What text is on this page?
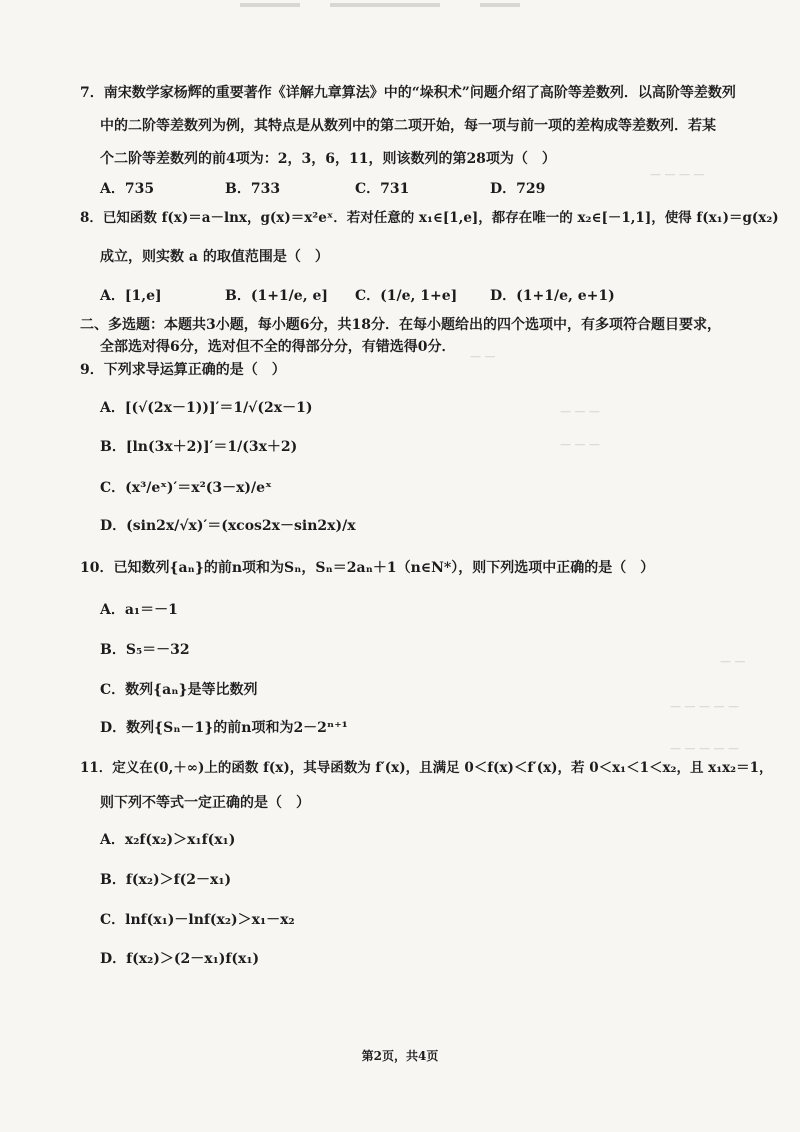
— — — —
— —
— — —
— — —
— —
— — — — —
— — — — —
7．南宋数学家杨辉的重要著作《详解九章算法》中的“垛积术”问题介绍了高阶等差数列．以高阶等差数列
中的二阶等差数列为例，其特点是从数列中的第二项开始，每一项与前一项的差构成等差数列．若某
个二阶等差数列的前4项为：2，3，6，11，则该数列的第28项为（　）
A．735	B．733	C．731	D．729
8．已知函数 f(x)＝a－lnx，g(x)＝x²eˣ．若对任意的 x₁∈[1,e]，都存在唯一的 x₂∈[－1,1]，使得 f(x₁)＝g(x₂)
成立，则实数 a 的取值范围是（　）
A．[1,e]	B．(1+1/e, e] C．(1/e, 1+e] D．(1+1/e, e+1)
二、多选题：本题共3小题，每小题6分，共18分．在每小题给出的四个选项中，有多项符合题目要求，
全部选对得6分，选对但不全的得部分分，有错选得0分．
9．下列求导运算正确的是（　）
A．[(√(2x－1))]′＝1/√(2x－1)
B．[ln(3x＋2)]′＝1/(3x＋2)
C．(x³/eˣ)′＝x²(3－x)/eˣ
D．(sin2x/√x)′＝(xcos2x－sin2x)/x
10．已知数列{aₙ}的前n项和为Sₙ，Sₙ＝2aₙ＋1（n∈N*），则下列选项中正确的是（　）
A．a₁＝－1
B．S₅＝－32
C．数列{aₙ}是等比数列
D．数列{Sₙ－1}的前n项和为2－2ⁿ⁺¹
11．定义在(0,＋∞)上的函数 f(x)，其导函数为 f′(x)，且满足 0＜f(x)＜f′(x)，若 0＜x₁＜1＜x₂，且 x₁x₂＝1，
则下列不等式一定正确的是（　）
A．x₂f(x₂)＞x₁f(x₁)
B．f(x₂)＞f(2－x₁)
C．lnf(x₁)－lnf(x₂)＞x₁－x₂
D．f(x₂)＞(2－x₁)f(x₁)
第2页，共4页
